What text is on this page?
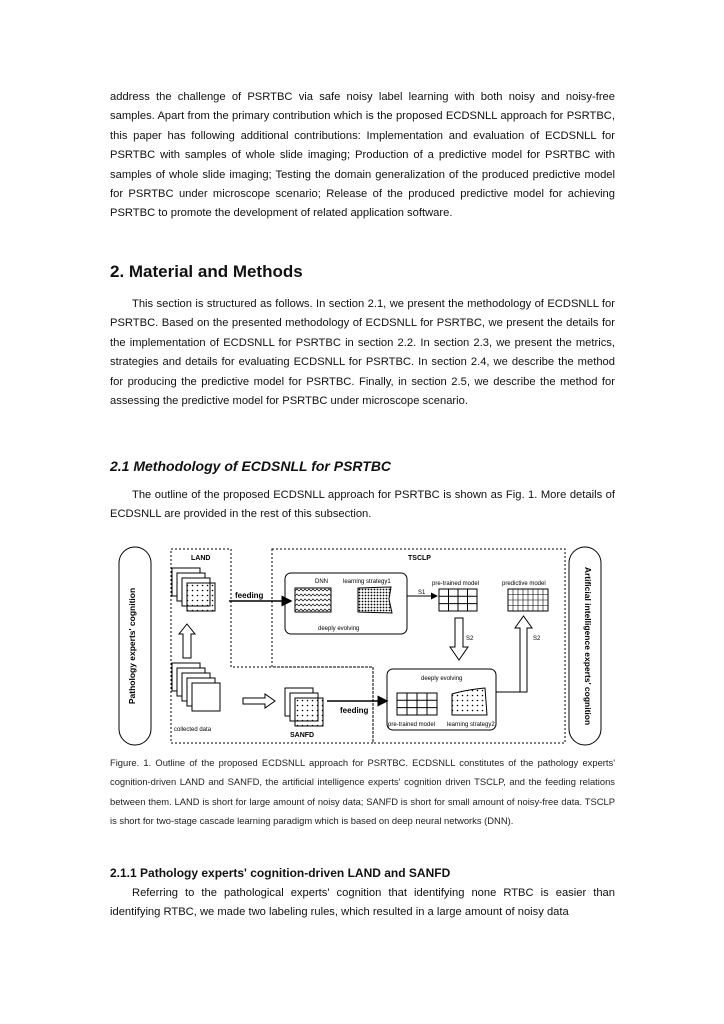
address the challenge of PSRTBC via safe noisy label learning with both noisy and noisy-free samples. Apart from the primary contribution which is the proposed ECDSNLL approach for PSRTBC, this paper has following additional contributions: Implementation and evaluation of ECDSNLL for PSRTBC with samples of whole slide imaging; Production of a predictive model for PSRTBC with samples of whole slide imaging; Testing the domain generalization of the produced predictive model for PSRTBC under microscope scenario; Release of the produced predictive model for achieving PSRTBC to promote the development of related application software.
2. Material and Methods
This section is structured as follows. In section 2.1, we present the methodology of ECDSNLL for PSRTBC. Based on the presented methodology of ECDSNLL for PSRTBC, we present the details for the implementation of ECDSNLL for PSRTBC in section 2.2. In section 2.3, we present the metrics, strategies and details for evaluating ECDSNLL for PSRTBC. In section 2.4, we describe the method for producing the predictive model for PSRTBC. Finally, in section 2.5, we describe the method for assessing the predictive model for PSRTBC under microscope scenario.
2.1 Methodology of ECDSNLL for PSRTBC
The outline of the proposed ECDSNLL approach for PSRTBC is shown as Fig. 1. More details of ECDSNLL are provided in the rest of this subsection.
Pathology experts' cognition	Artificial intelligence experts' cognition
LAND	TSCLP
feeding
DNN	learning strategy1
deeply evolving
pre-trained model	predictive model
S1
S2	S2
deeply evolving
pre-trained model learning strategy2
collected data
SANFD
feeding
Figure. 1. Outline of the proposed ECDSNLL approach for PSRTBC. ECDSNLL constitutes of the pathology experts' cognition-driven LAND and SANFD, the artificial intelligence experts' cognition driven TSCLP, and the feeding relations between them. LAND is short for large amount of noisy data; SANFD is short for small amount of noisy-free data. TSCLP is short for two-stage cascade learning paradigm which is based on deep neural networks (DNN).
2.1.1 Pathology experts' cognition-driven LAND and SANFD
Referring to the pathological experts' cognition that identifying none RTBC is easier than identifying RTBC, we made two labeling rules, which resulted in a large amount of noisy data
